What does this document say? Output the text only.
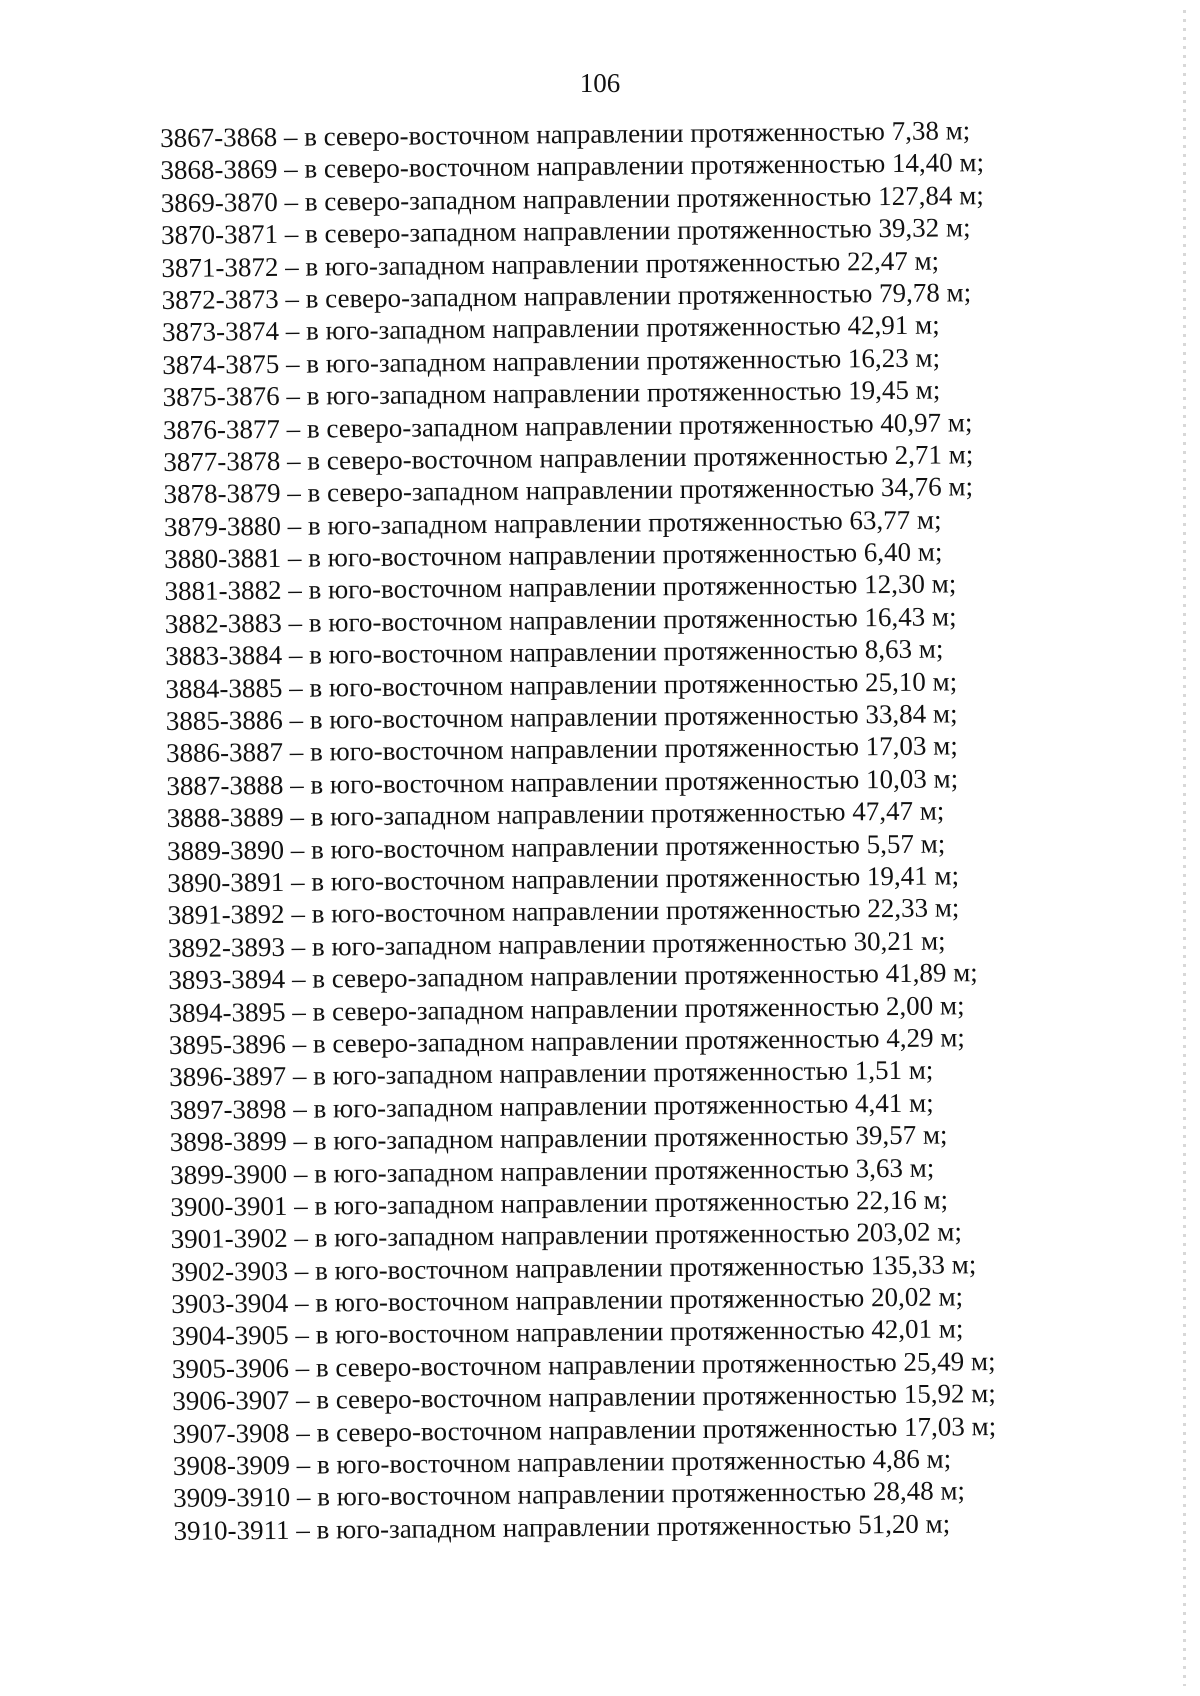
106
3867-3868 – в северо-восточном направлении протяженностью 7,38 м;
3868-3869 – в северо-восточном направлении протяженностью 14,40 м;
3869-3870 – в северо-западном направлении протяженностью 127,84 м;
3870-3871 – в северо-западном направлении протяженностью 39,32 м;
3871-3872 – в юго-западном направлении протяженностью 22,47 м;
3872-3873 – в северо-западном направлении протяженностью 79,78 м;
3873-3874 – в юго-западном направлении протяженностью 42,91 м;
3874-3875 – в юго-западном направлении протяженностью 16,23 м;
3875-3876 – в юго-западном направлении протяженностью 19,45 м;
3876-3877 – в северо-западном направлении протяженностью 40,97 м;
3877-3878 – в северо-восточном направлении протяженностью 2,71 м;
3878-3879 – в северо-западном направлении протяженностью 34,76 м;
3879-3880 – в юго-западном направлении протяженностью 63,77 м;
3880-3881 – в юго-восточном направлении протяженностью 6,40 м;
3881-3882 – в юго-восточном направлении протяженностью 12,30 м;
3882-3883 – в юго-восточном направлении протяженностью 16,43 м;
3883-3884 – в юго-восточном направлении протяженностью 8,63 м;
3884-3885 – в юго-восточном направлении протяженностью 25,10 м;
3885-3886 – в юго-восточном направлении протяженностью 33,84 м;
3886-3887 – в юго-восточном направлении протяженностью 17,03 м;
3887-3888 – в юго-восточном направлении протяженностью 10,03 м;
3888-3889 – в юго-западном направлении протяженностью 47,47 м;
3889-3890 – в юго-восточном направлении протяженностью 5,57 м;
3890-3891 – в юго-восточном направлении протяженностью 19,41 м;
3891-3892 – в юго-восточном направлении протяженностью 22,33 м;
3892-3893 – в юго-западном направлении протяженностью 30,21 м;
3893-3894 – в северо-западном направлении протяженностью 41,89 м;
3894-3895 – в северо-западном направлении протяженностью 2,00 м;
3895-3896 – в северо-западном направлении протяженностью 4,29 м;
3896-3897 – в юго-западном направлении протяженностью 1,51 м;
3897-3898 – в юго-западном направлении протяженностью 4,41 м;
3898-3899 – в юго-западном направлении протяженностью 39,57 м;
3899-3900 – в юго-западном направлении протяженностью 3,63 м;
3900-3901 – в юго-западном направлении протяженностью 22,16 м;
3901-3902 – в юго-западном направлении протяженностью 203,02 м;
3902-3903 – в юго-восточном направлении протяженностью 135,33 м;
3903-3904 – в юго-восточном направлении протяженностью 20,02 м;
3904-3905 – в юго-восточном направлении протяженностью 42,01 м;
3905-3906 – в северо-восточном направлении протяженностью 25,49 м;
3906-3907 – в северо-восточном направлении протяженностью 15,92 м;
3907-3908 – в северо-восточном направлении протяженностью 17,03 м;
3908-3909 – в юго-восточном направлении протяженностью 4,86 м;
3909-3910 – в юго-восточном направлении протяженностью 28,48 м;
3910-3911 – в юго-западном направлении протяженностью 51,20 м;
